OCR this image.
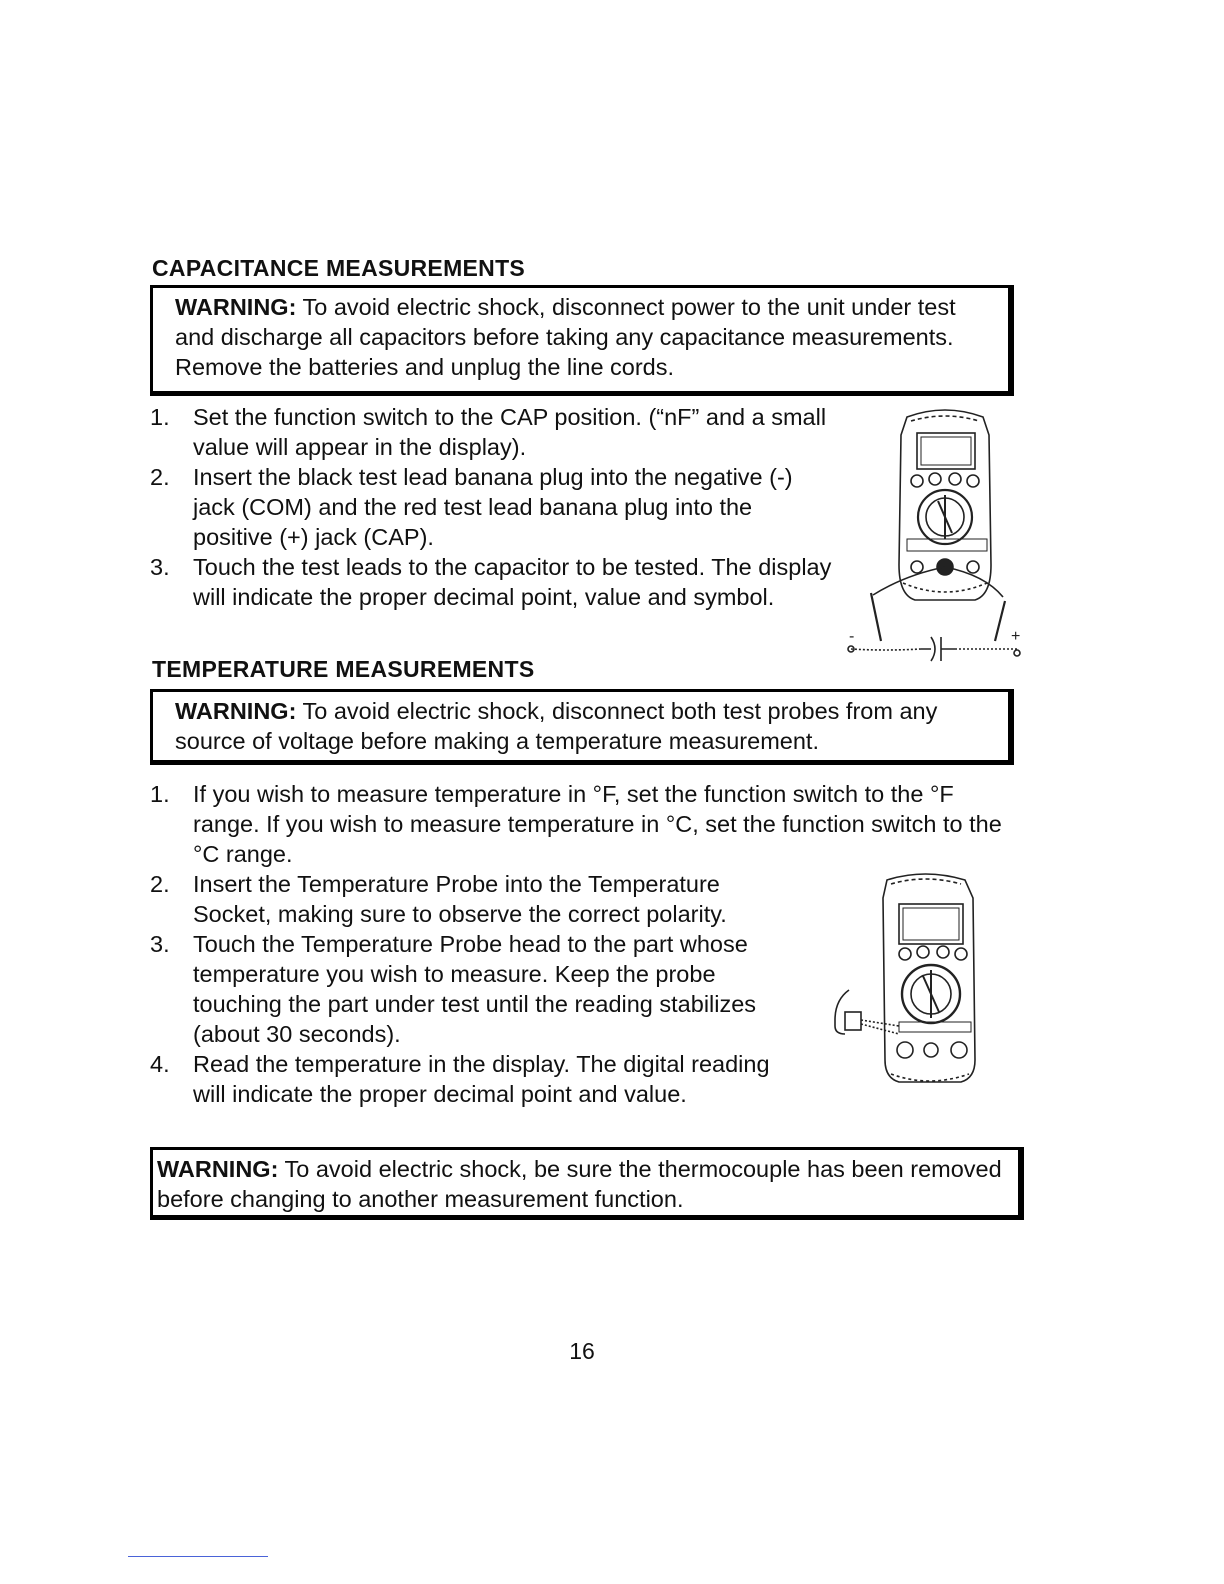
CAPACITANCE MEASUREMENTS
WARNING: To avoid electric shock, disconnect power to the unit under test and discharge all capacitors before taking any capacitance measurements. Remove the batteries and unplug the line cords.
1. Set the function switch to the CAP position. (“nF” and a small value will appear in the display).
2. Insert the black test lead banana plug into the negative (-) jack (COM) and the red test lead banana plug into the positive (+) jack (CAP).
3. Touch the test leads to the capacitor to be tested. The display will indicate the proper decimal point, value and symbol.
-	+
TEMPERATURE MEASUREMENTS
WARNING: To avoid electric shock, disconnect both test probes from any source of voltage before making a temperature measurement.
1. If you wish to measure temperature in °F, set the function switch to the °F range. If you wish to measure temperature in °C, set the function switch to the °C range.
2. Insert the Temperature Probe into the Temperature Socket, making sure to observe the correct polarity.
3. Touch the Temperature Probe head to the part whose temperature you wish to measure. Keep the probe touching the part under test until the reading stabilizes (about 30 seconds).
4. Read the temperature in the display. The digital reading will indicate the proper decimal point and value.
WARNING: To avoid electric shock, be sure the thermocouple has been removed before changing to another measurement function.
16
